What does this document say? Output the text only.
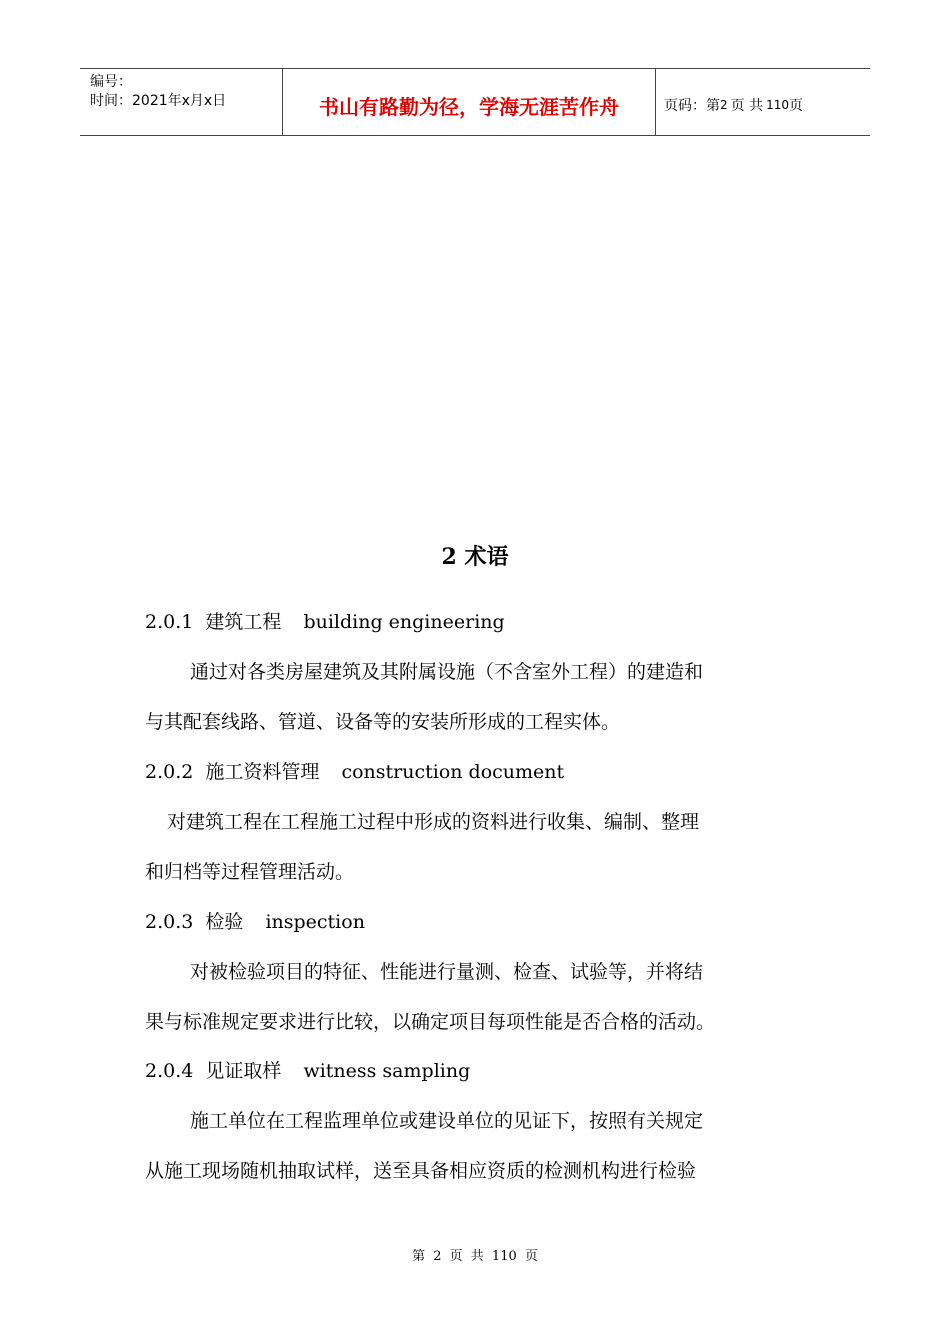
编号：
时间：2021年x月x日	书山有路勤为径，学海无涯苦作舟	页码：第 2 页 共 110 页
2 术语
2.0.1  建筑工程 building engineering
通过对各类房屋建筑及其附属设施（不含室外工程）的建造和
与其配套线路、管道、设备等的安装所形成的工程实体。
2.0.2  施工资料管理 construction document
对建筑工程在工程施工过程中形成的资料进行收集、编制、整理
和归档等过程管理活动。
2.0.3  检验 inspection
对被检验项目的特征、性能进行量测、检查、试验等，并将结
果与标准规定要求进行比较，以确定项目每项性能是否合格的活动。
2.0.4  见证取样 witness sampling
施工单位在工程监理单位或建设单位的见证下，按照有关规定
从施工现场随机抽取试样，送至具备相应资质的检测机构进行检验
第 2 页 共 110 页
